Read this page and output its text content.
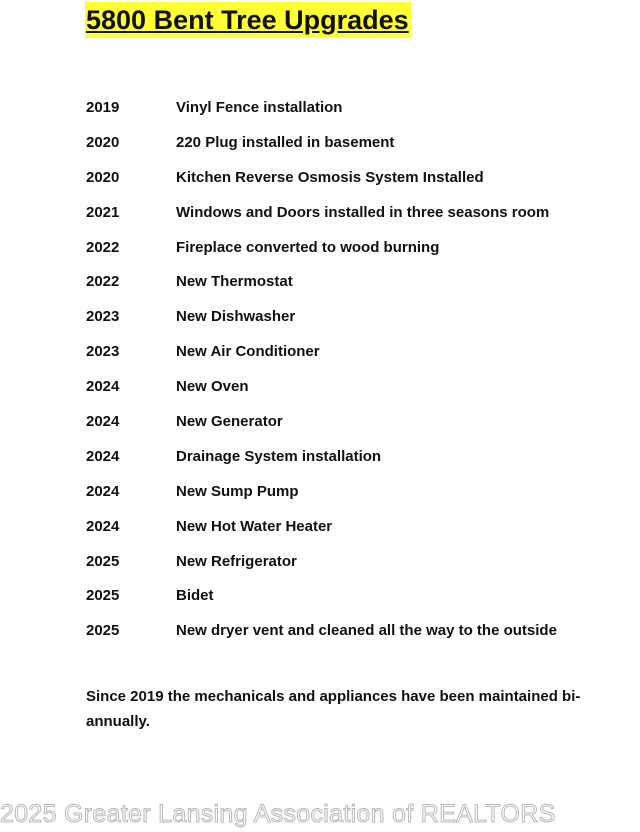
5800 Bent Tree Upgrades
2019	Vinyl Fence installation
2020	220 Plug installed in basement
2020	Kitchen Reverse Osmosis System Installed
2021	Windows and Doors installed in three seasons room
2022	Fireplace converted to wood burning
2022	New Thermostat
2023	New Dishwasher
2023	New Air Conditioner
2024	New Oven
2024	New Generator
2024	Drainage System installation
2024	New Sump Pump
2024	New Hot Water Heater
2025	New Refrigerator
2025	Bidet
2025	New dryer vent and cleaned all the way to the outside
Since 2019 the mechanicals and appliances have been maintained bi-annually.
2025 Greater Lansing Association of REALTORS
